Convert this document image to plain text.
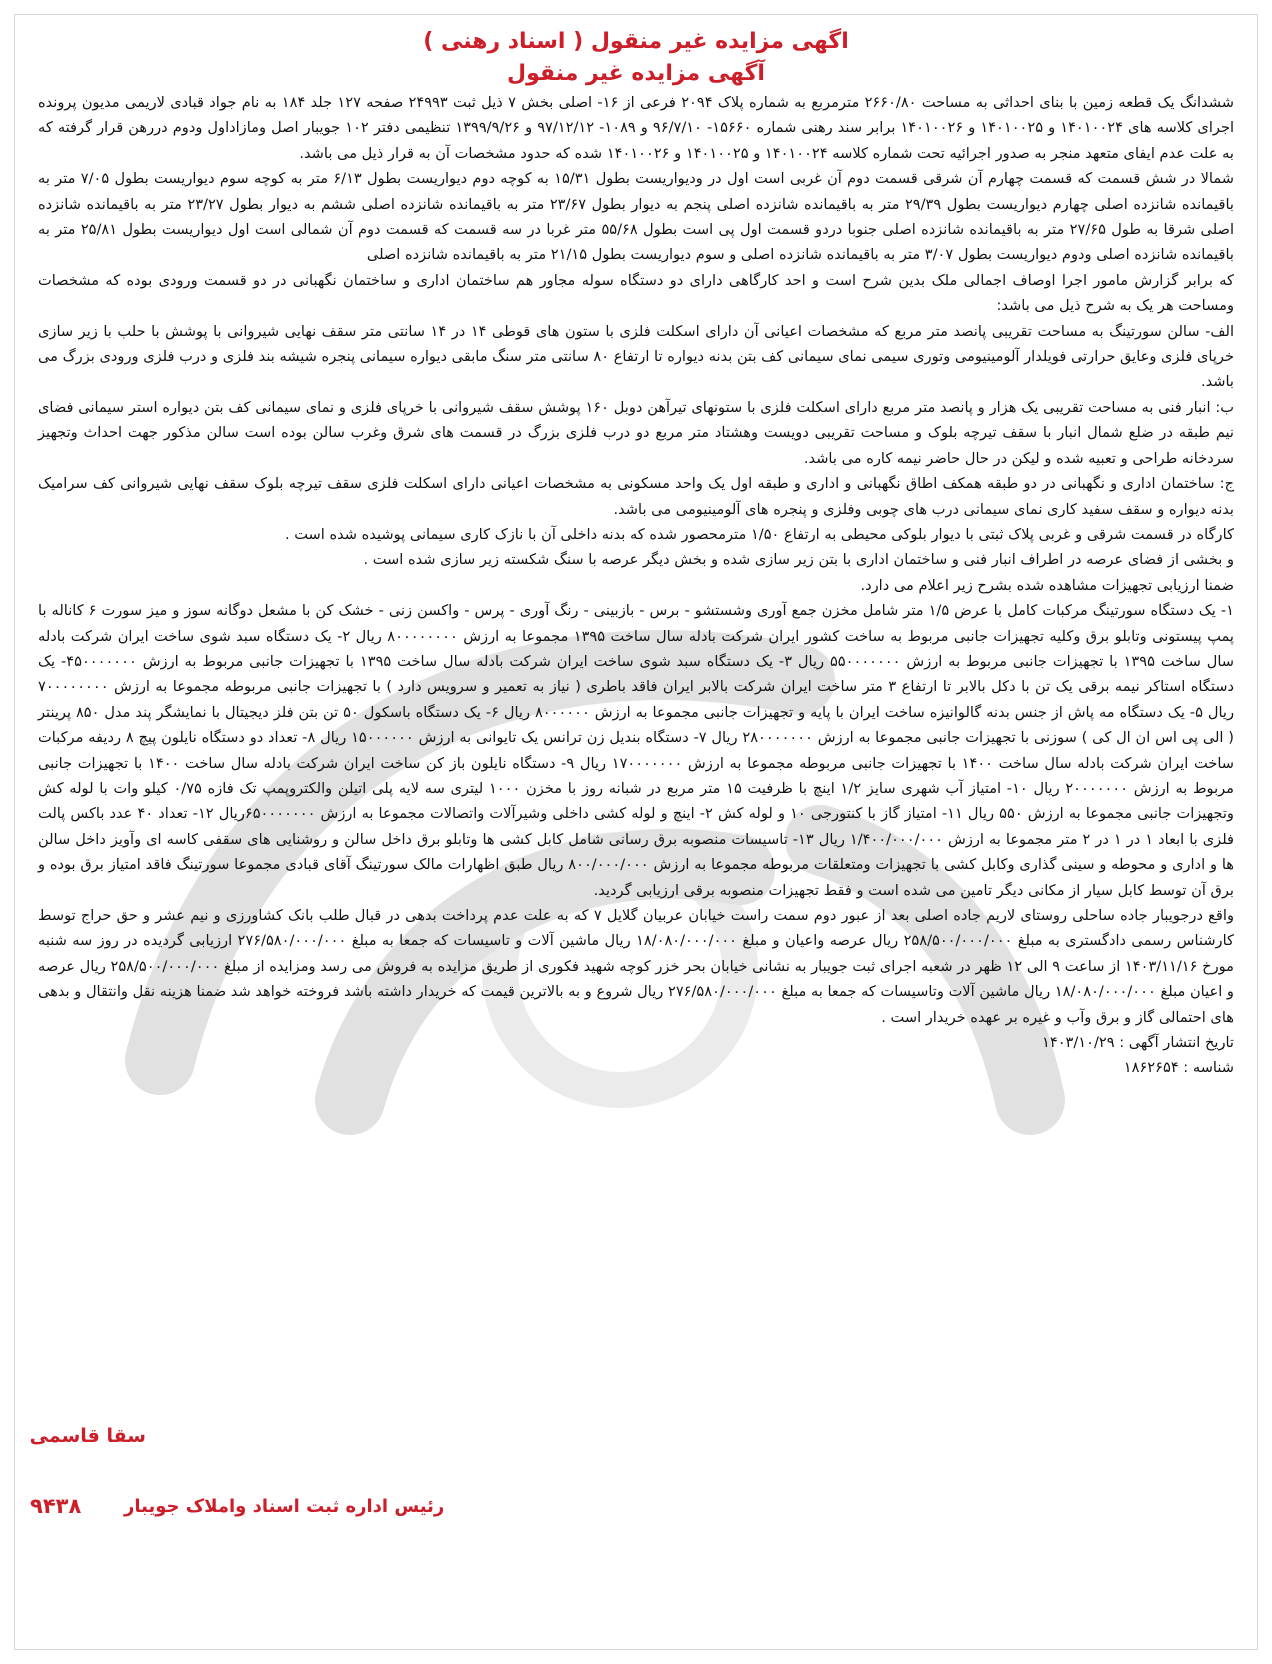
اگهی مزایده غیر منقول ( اسناد رهنی )
آگهی مزایده غیر منقول

ششدانگ یک قطعه زمین با بنای احداثی به مساحت ۲۶۶۰/۸۰ مترمربع به شماره پلاک ۲۰۹۴ فرعی از ۱۶- اصلی بخش ۷ ذیل ثبت ۲۴۹۹۳ صفحه ۱۲۷ جلد ۱۸۴ به نام جواد قبادی لاریمی مدیون پرونده اجرای کلاسه های ۱۴۰۱۰۰۲۴ و ۱۴۰۱۰۰۲۵ و ۱۴۰۱۰۰۲۶ برابر سند رهنی شماره ۱۵۶۶۰- ۹۶/۷/۱۰ و ۱۰۸۹- ۹۷/۱۲/۱۲ و ۱۳۹۹/۹/۲۶ تنظیمی دفتر ۱۰۲ جویبار اصل ومازاداول ودوم دررهن قرار گرفته که به علت عدم ایفای متعهد منجر به صدور اجرائیه تحت شماره کلاسه ۱۴۰۱۰۰۲۴ و ۱۴۰۱۰۰۲۵ و ۱۴۰۱۰۰۲۶ شده که حدود مشخصات آن به قرار ذیل می باشد.

شمالا در شش قسمت که قسمت چهارم آن شرقی قسمت دوم آن غربی است اول در ودیواریست بطول ۱۵/۳۱ به کوچه دوم دیواریست بطول ۶/۱۳ متر به کوچه سوم دیواریست بطول ۷/۰۵ متر به باقیمانده شانزده اصلی چهارم دیواریست بطول ۲۹/۳۹ متر به باقیمانده شانزده اصلی پنجم به دیوار بطول ۲۳/۶۷ متر به باقیمانده شانزده اصلی ششم به دیوار بطول ۲۳/۲۷ متر به باقیمانده شانزده اصلی شرقا به طول ۲۷/۶۵ متر به باقیمانده شانزده اصلی جنوبا دردو قسمت اول پی است بطول ۵۵/۶۸ متر غربا در سه قسمت که قسمت دوم آن شمالی است اول دیواریست بطول ۲۵/۸۱ متر به باقیمانده شانزده اصلی ودوم دیواریست بطول ۳/۰۷ متر به باقیمانده شانزده اصلی و سوم دیواریست بطول ۲۱/۱۵ متر به باقیمانده شانزده اصلی

که برابر گزارش مامور اجرا اوصاف اجمالی ملک بدین شرح است و احد کارگاهی دارای دو دستگاه سوله مجاور هم ساختمان اداری و ساختمان نگهبانی در دو قسمت ورودی بوده که مشخصات ومساحت هر یک به شرح ذیل می باشد:

الف- سالن سورتینگ به مساحت تقریبی پانصد متر مربع که مشخصات اعیانی آن دارای اسکلت فلزی با ستون های قوطی ۱۴ در ۱۴ سانتی متر سقف نهایی شیروانی با پوشش با حلب با زیر سازی خرپای فلزی وعایق حرارتی فویلدار آلومینیومی وتوری سیمی نمای سیمانی کف بتن بدنه دیواره تا ارتفاع ۸۰ سانتی متر سنگ مابقی دیواره سیمانی پنجره شیشه بند فلزی و درب فلزی ورودی بزرگ می باشد.

ب: انبار فنی به مساحت تقریبی یک هزار و پانصد متر مربع دارای اسکلت فلزی با ستونهای تیرآهن دوبل ۱۶۰ پوشش سقف شیروانی با خرپای فلزی و نمای سیمانی کف بتن دیواره استر سیمانی فضای نیم طبقه در ضلع شمال انبار با سقف تیرچه بلوک و مساحت تقریبی دویست وهشتاد متر مربع دو درب فلزی بزرگ در قسمت های شرق وغرب سالن بوده است سالن مذکور جهت احداث وتجهیز سردخانه طراحی و تعبیه شده و لیکن در حال حاضر نیمه کاره می باشد.

ج: ساختمان اداری و نگهبانی در دو طبقه همکف اطاق نگهبانی و اداری و طبقه اول یک واحد مسکونی به مشخصات اعیانی دارای اسکلت فلزی سقف تیرچه بلوک سقف نهایی شیروانی کف سرامیک بدنه دیواره و سقف سفید کاری نمای سیمانی درب های چوبی وفلزی و پنجره های آلومینیومی می باشد.

کارگاه در قسمت شرقی و غربی پلاک ثبتی با دیوار بلوکی محیطی به ارتفاع ۱/۵۰ مترمحصور شده که بدنه داخلی آن با نازک کاری سیمانی پوشیده شده است .

و بخشی از فضای عرصه در اطراف انبار فنی و ساختمان اداری با بتن زیر سازی شده و بخش دیگر عرصه با سنگ شکسته زیر سازی شده است .

ضمنا ارزیابی تجهیزات مشاهده شده بشرح زیر اعلام می دارد.

۱- یک دستگاه سورتینگ مرکبات کامل با عرض ۱/۵ متر شامل مخزن جمع آوری وشستشو - برس - بازبینی - رنگ آوری - پرس - واکسن زنی - خشک کن با مشعل دوگانه سوز و میز سورت ۶ کاناله با پمپ پیستونی وتابلو برق وکلیه تجهیزات جانبی مربوط به ساخت کشور ایران شرکت بادله سال ساخت ۱۳۹۵ مجموعا به ارزش ۸۰۰۰۰۰۰۰۰ ریال ۲- یک دستگاه سبد شوی ساخت ایران شرکت بادله سال ساخت ۱۳۹۵ با تجهیزات جانبی مربوط به ارزش ۵۵۰۰۰۰۰۰۰ ریال ۳- یک دستگاه سبد شوی ساخت ایران شرکت بادله سال ساخت ۱۳۹۵ با تجهیزات جانبی مربوط به ارزش ۴۵۰۰۰۰۰۰۰- یک دستگاه استاکر نیمه برقی یک تن با دکل بالابر تا ارتفاع ۳ متر ساخت ایران شرکت بالابر ایران فاقد باطری ( نیاز به تعمیر و سرویس دارد ) با تجهیزات جانبی مربوطه مجموعا به ارزش ۷۰۰۰۰۰۰۰۰ ریال ۵- یک دستگاه مه پاش از جنس بدنه گالوانیزه ساخت ایران با پایه و تجهیزات جانبی مجموعا به ارزش ۸۰۰۰۰۰۰ ریال ۶- یک دستگاه باسکول ۵۰ تن بتن فلز دیجیتال با نمایشگر پند مدل ۸۵۰ پرینتر ( الی پی اس ان ال کی ) سوزنی با تجهیزات جانبی مجموعا به ارزش ۲۸۰۰۰۰۰۰۰ ریال ۷- دستگاه بندیل زن ترانس یک تایوانی به ارزش ۱۵۰۰۰۰۰۰ ریال ۸- تعداد دو دستگاه نایلون پیچ ۸ ردیفه مرکبات ساخت ایران شرکت بادله سال ساخت ۱۴۰۰ با تجهیزات جانبی مربوطه مجموعا به ارزش ۱۷۰۰۰۰۰۰۰ ریال ۹- دستگاه نایلون باز کن ساخت ایران شرکت بادله سال ساخت ۱۴۰۰ با تجهیزات جانبی مربوط به ارزش ۲۰۰۰۰۰۰۰ ریال ۱۰- امتیاز آب شهری سایز ۱/۲ اینچ با ظرفیت ۱۵ متر مربع در شبانه روز با مخزن ۱۰۰۰ لیتری سه لایه پلی اتیلن والکتروپمپ تک فازه ۰/۷۵ کیلو وات با لوله کش وتجهیزات جانبی مجموعا به ارزش ۵۵۰ ریال ۱۱- امتیاز گاز با کنتورجی ۱۰ و لوله کش ۲- اینچ و لوله کشی داخلی وشیرآلات واتصالات مجموعا به ارزش ۶۵۰۰۰۰۰۰۰ریال ۱۲- تعداد ۴۰ عدد باکس پالت فلزی با ابعاد ۱ در ۱ در ۲ متر مجموعا به ارزش ۱/۴۰۰/۰۰۰/۰۰۰ ریال ۱۳- تاسیسات منصوبه برق رسانی شامل کابل کشی ها وتابلو برق داخل سالن و روشنایی های سقفی کاسه ای وآویز داخل سالن ها و اداری و محوطه و سینی گذاری وکابل کشی با تجهیزات ومتعلقات مربوطه مجموعا به ارزش ۸۰۰/۰۰۰/۰۰۰ ریال طبق اظهارات مالک سورتینگ آقای قبادی مجموعا سورتینگ فاقد امتیاز برق بوده و برق آن توسط کابل سیار از مکانی دیگر تامین می شده است و فقط تجهیزات منصوبه برقی ارزیابی گردید.

واقع درجویبار جاده ساحلی روستای لاریم جاده اصلی بعد از عبور دوم سمت راست خیابان عربیان گلایل ۷ که به علت عدم پرداخت بدهی در قبال طلب بانک کشاورزی و نیم عشر و حق حراج توسط کارشناس رسمی دادگستری به مبلغ ۲۵۸/۵۰۰/۰۰۰/۰۰۰ ریال عرصه واعیان و مبلغ ۱۸/۰۸۰/۰۰۰/۰۰۰ ریال ماشین آلات و تاسیسات که جمعا به مبلغ ۲۷۶/۵۸۰/۰۰۰/۰۰۰ ارزیابی گردیده در روز سه شنبه مورخ ۱۴۰۳/۱۱/۱۶ از ساعت ۹ الی ۱۲ ظهر در شعبه اجرای ثبت جویبار به نشانی خیابان بحر خزر کوچه شهید فکوری از طریق مزایده به فروش می رسد ومزایده از مبلغ ۲۵۸/۵۰۰/۰۰۰/۰۰۰ ریال عرصه و اعیان مبلغ ۱۸/۰۸۰/۰۰۰/۰۰۰ ریال ماشین آلات وتاسیسات که جمعا به مبلغ ۲۷۶/۵۸۰/۰۰۰/۰۰۰ ریال شروع و به بالاترین قیمت که خریدار داشته باشد فروخته خواهد شد ضمنا هزینه نقل وانتقال و بدهی های احتمالی گاز و برق وآب و غیره بر عهده خریدار است .

تاریخ انتشار آگهی : ۱۴۰۳/۱۰/۲۹

شناسه : ۱۸۶۲۶۵۴

سقا قاسمی
رئیس اداره ثبت اسناد واملاک جویبار
۹۴۳۸
